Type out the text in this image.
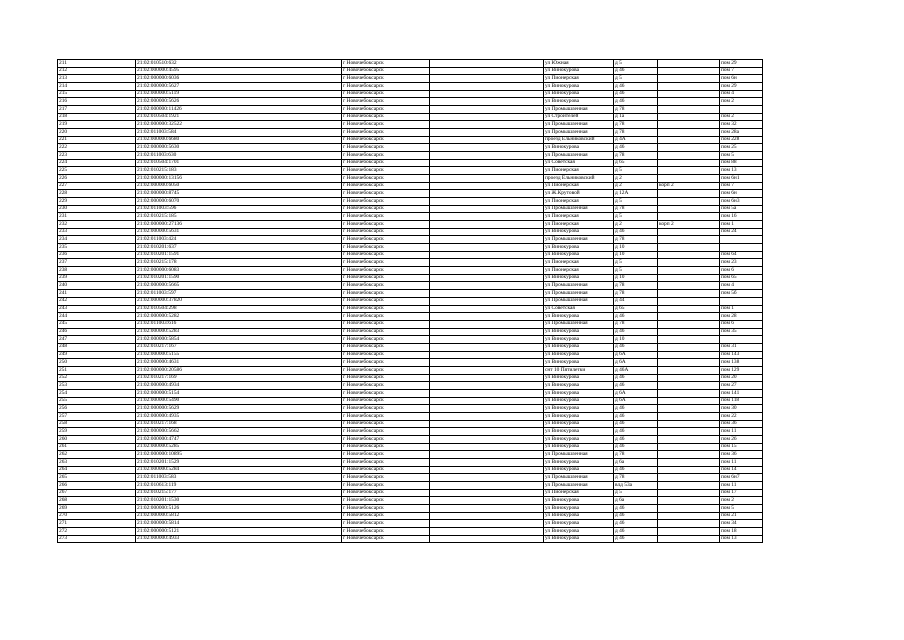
211	21:02:010510:632	г Новочебоксарск		ул Южная	д 5		пом 29
212	21:02:000000:4595	г Новочебоксарск		ул Винокурова	д 46		пом 7
213	21:02:000000:6036	г Новочебоксарск		ул Пионерская	д 5		пом 6н
214	21:02:000000:5627	г Новочебоксарск		ул Винокурова	д 46		пом 29
215	21:02:000000:5119	г Новочебоксарск		ул Винокурова	д 46		пом 4
216	21:02:000000:5626	г Новочебоксарск		ул Винокурова	д 46		пом 2
217	21:02:000000:11426	г Новочебоксарск		ул Промышленная	д 78		
218	21:02:010504:1921	г Новочебоксарск		ул Строителей	д 1а		пом 2
219	21:02:000000:32522	г Новочебоксарск		ул Промышленная	д 78		пом 32
220	21:02:011003:584	г Новочебоксарск		ул Промышленная	д 78		пом 28а
221	21:02:000000:6680	г Новочебоксарск		проезд Ельниковский	д 4А		пом 228
222	21:02:000000:5630	г Новочебоксарск		ул Винокурова	д 46		пом 25
223	21:02:011003:630	г Новочебоксарск		ул Промышленная	д 78		пом 5
224	21:02:010504:1701	г Новочебоксарск		ул Советская	д 65		пом 88
225	21:02:010215:183	г Новочебоксарск		ул Пионерская	д 5		пом 13
226	21:02:000000:13156	г Новочебоксарск		проезд Ельниковский	д 2		пом 6н1
227	21:02:000000:6050	г Новочебоксарск		ул Пионерская	д 2	корп 2	пом 7
228	21:02:000000:8745	г Новочебоксарск		ул Ж.Крутовой	д 12А		пом 6н
229	21:02:000000:6070	г Новочебоксарск		ул Пионерская	д 5		пом 6н3
230	21:02:011003:596	г Новочебоксарск		ул Промышленная	д 78		пом 5а
231	21:02:010215:185	г Новочебоксарск		ул Пионерская	д 5		пом 16
232	21:02:000000:27136	г Новочебоксарск		ул Пионерская	д 2	корп 2	пом 1
233	21:02:000000:5631	г Новочебоксарск		ул Винокурова	д 46		пом 24
234	21:02:011003:424	г Новочебоксарск		ул Промышленная	д 78		
235	21:02:010201:637	г Новочебоксарск		ул Винокурова	д 10		
236	21:02:010201:1591	г Новочебоксарск		ул Винокурова	д 10		пом 64
237	21:02:010215:178	г Новочебоксарск		ул Пионерская	д 5		пом 23
238	21:02:000000:6083	г Новочебоксарск		ул Пионерская	д 5		пом 6
239	21:02:010201:1590	г Новочебоксарск		ул Винокурова	д 10		пом 65
240	21:02:000000:5665	г Новочебоксарск		ул Промышленная	д 78		пом 4
241	21:02:011003:597	г Новочебоксарск		ул Промышленная	д 78		пом 5б
242	21:02:000000:37820	г Новочебоксарск		ул Промышленная	д 44		
243	21:02:010504:298	г Новочебоксарск		ул Советская	д 65		пом 1
244	21:02:000000:5282	г Новочебоксарск		ул Винокурова	д 46		пом 28
245	21:02:011003:616	г Новочебоксарск		ул Промышленная	д 78		пом 6
246	21:02:000000:5283	г Новочебоксарск		ул Винокурова	д 46		пом 35
247	21:02:000000:5854	г Новочебоксарск		ул Винокурова	д 10		
248	21:02:010217:167	г Новочебоксарск		ул Винокурова	д 46		пом 31
249	21:02:000000:5155	г Новочебоксарск		ул Винокурова	д 6А		пом 143
250	21:02:000000:4631	г Новочебоксарск		ул Винокурова	д 6А		пом 138
251	21:02:000000:20586	г Новочебоксарск		снт 10 Пятилетки	д 46А		пом 129
252	21:02:010217:169	г Новочебоксарск		ул Винокурова	д 46		пом 20
253	21:02:000000:4934	г Новочебоксарск		ул Винокурова	д 46		пом 27
254	21:02:000000:5154	г Новочебоксарск		ул Винокурова	д 6А		пом 141
255	21:02:000000:5490	г Новочебоксарск		ул Винокурова	д 6А		пом 118
256	21:02:000000:5629	г Новочебоксарск		ул Винокурова	д 46		пом 30
257	21:02:000000:4935	г Новочебоксарск		ул Винокурова	д 46		пом 22
258	21:02:010217:168	г Новочебоксарск		ул Винокурова	д 46		пом 36
259	21:02:000000:5662	г Новочебоксарск		ул Винокурова	д 46		пом 11
260	21:02:000000:4747	г Новочебоксарск		ул Винокурова	д 46		пом 26
261	21:02:000000:5285	г Новочебоксарск		ул Винокурова	д 46		пом 15
262	21:02:000000:10895	г Новочебоксарск		ул Промышленная	д 78		пом 36
263	21:02:010201:1529	г Новочебоксарск		ул Винокурова	д 6а		пом 11
264	21:02:000000:5284	г Новочебоксарск		ул Винокурова	д 46		пом 14
265	21:02:011003:583	г Новочебоксарск		ул Промышленная	д 78		пом 6н7
266	21:02:010613:119	г Новочебоксарск		ул Промышленная	влд 53а		пом 11
267	21:02:010215:177	г Новочебоксарск		ул Пионерская	д 5		пом 17
268	21:02:010201:1530	г Новочебоксарск		ул Винокурова	д 6а		пом 2
269	21:02:000000:5126	г Новочебоксарск		ул Винокурова	д 46		пом 5
270	21:02:000000:5812	г Новочебоксарск		ул Винокурова	д 46		пом 21
271	21:02:000000:5814	г Новочебоксарск		ул Винокурова	д 46		пом 34
272	21:02:000000:5121	г Новочебоксарск		ул Винокурова	д 46		пом 18
273	21:02:000000:4933	г Новочебоксарск		ул Винокурова	д 46		пом 13
